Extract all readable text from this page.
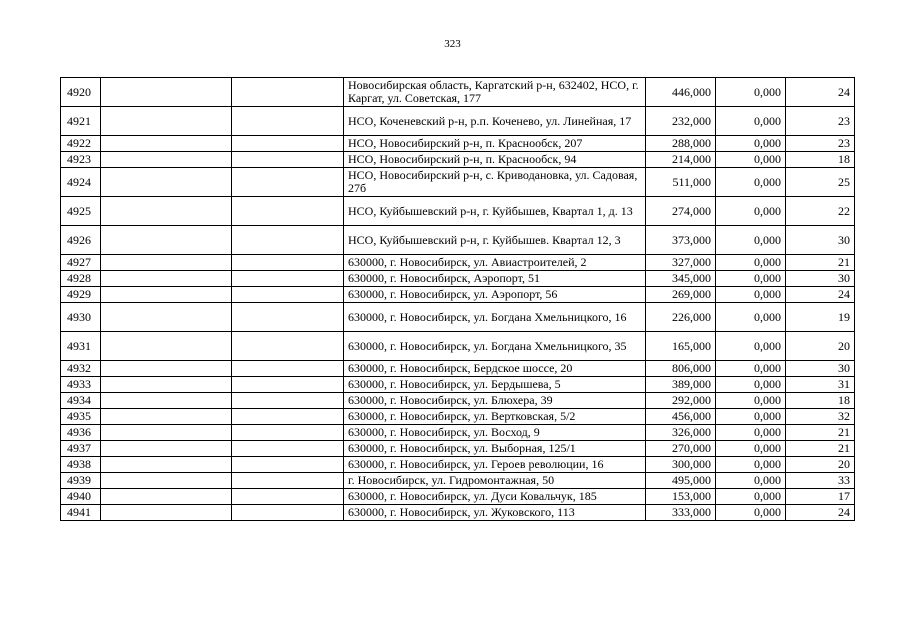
323
4920			Новосибирская область, Каргатский р-н, 632402, НСО, г. Каргат, ул. Советская, 177	446,000	0,000	24
4921			НСО, Коченевский р-н, р.п. Коченево, ул. Линейная, 17	232,000	0,000	23
4922			НСО, Новосибирский р-н, п. Краснообск, 207	288,000	0,000	23
4923			НСО, Новосибирский р-н, п. Краснообск, 94	214,000	0,000	18
4924			НСО, Новосибирский р-н, с. Криводановка, ул. Садовая, 27б	511,000	0,000	25
4925			НСО, Куйбышевский р-н, г. Куйбышев, Квартал 1, д. 13	274,000	0,000	22
4926			НСО, Куйбышевский р-н, г. Куйбышев. Квартал 12, 3	373,000	0,000	30
4927			630000, г. Новосибирск, ул. Авиастроителей, 2	327,000	0,000	21
4928			630000, г. Новосибирск, Аэропорт, 51	345,000	0,000	30
4929			630000, г. Новосибирск, ул. Аэропорт, 56	269,000	0,000	24
4930			630000, г. Новосибирск, ул. Богдана Хмельницкого, 16	226,000	0,000	19
4931			630000, г. Новосибирск, ул. Богдана Хмельницкого, 35	165,000	0,000	20
4932			630000, г. Новосибирск, Бердское шоссе, 20	806,000	0,000	30
4933			630000, г. Новосибирск, ул. Бердышева, 5	389,000	0,000	31
4934			630000, г. Новосибирск, ул. Блюхера, 39	292,000	0,000	18
4935			630000, г. Новосибирск, ул. Вертковская, 5/2	456,000	0,000	32
4936			630000, г. Новосибирск, ул. Восход, 9	326,000	0,000	21
4937			630000, г. Новосибирск, ул. Выборная, 125/1	270,000	0,000	21
4938			630000, г. Новосибирск, ул. Героев революции, 16	300,000	0,000	20
4939			г. Новосибирск, ул. Гидромонтажная, 50	495,000	0,000	33
4940			630000, г. Новосибирск, ул. Дуси Ковальчук, 185	153,000	0,000	17
4941			630000, г. Новосибирск, ул. Жуковского, 113	333,000	0,000	24
